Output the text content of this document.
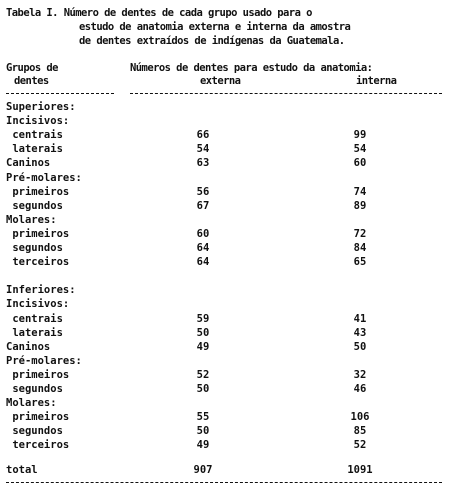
Tabela I. Número de dentes de cada grupo usado para o
estudo de anatomia externa e interna da amostra
de dentes extraídos de indígenas da Guatemala.
Grupos de
dentes
Números de dentes para estudo da anatomia:
externa	interna
Superiores:
Incisivos:
centrais	66	99
laterais	54	54
Caninos	63	60
Pré-molares:
primeiros	56	74
segundos	67	89
Molares:
primeiros	60	72
segundos	64	84
terceiros	64	65
Inferiores:
Incisivos:
centrais	59	41
laterais	50	43
Caninos	49	50
Pré-molares:
primeiros	52	32
segundos	50	46
Molares:
primeiros	55	106
segundos	50	85
terceiros	49	52
total	907	1091
